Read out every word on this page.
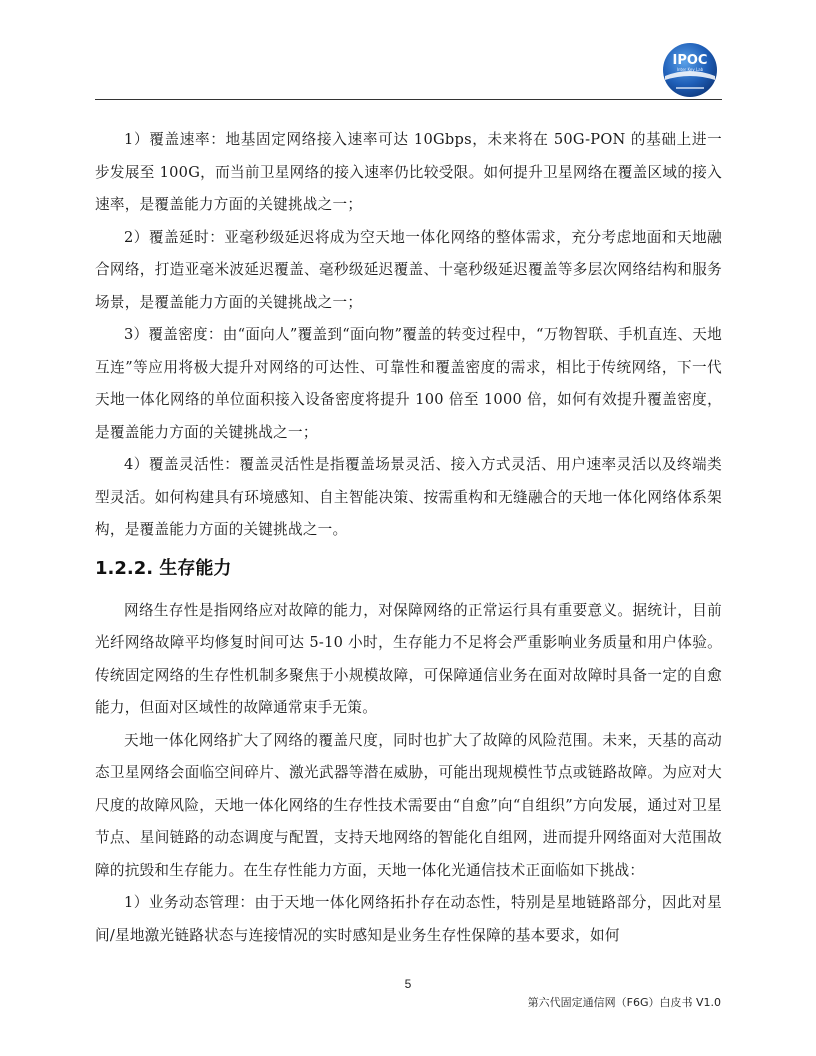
IPOC
Inter Key Lab

1）覆盖速率：地基固定网络接入速率可达 10Gbps，未来将在 50G-PON 的基础上进一步发展至 100G，而当前卫星网络的接入速率仍比较受限。如何提升卫星网络在覆盖区域的接入速率，是覆盖能力方面的关键挑战之一；

2）覆盖延时：亚毫秒级延迟将成为空天地一体化网络的整体需求，充分考虑地面和天地融合网络，打造亚毫米波延迟覆盖、毫秒级延迟覆盖、十毫秒级延迟覆盖等多层次网络结构和服务场景，是覆盖能力方面的关键挑战之一；

3）覆盖密度：由“面向人”覆盖到“面向物”覆盖的转变过程中，“万物智联、手机直连、天地互连”等应用将极大提升对网络的可达性、可靠性和覆盖密度的需求，相比于传统网络，下一代天地一体化网络的单位面积接入设备密度将提升 100 倍至 1000 倍，如何有效提升覆盖密度，是覆盖能力方面的关键挑战之一；

4）覆盖灵活性：覆盖灵活性是指覆盖场景灵活、接入方式灵活、用户速率灵活以及终端类型灵活。如何构建具有环境感知、自主智能决策、按需重构和无缝融合的天地一体化网络体系架构，是覆盖能力方面的关键挑战之一。

1.2.2. 生存能力

网络生存性是指网络应对故障的能力，对保障网络的正常运行具有重要意义。据统计，目前光纤网络故障平均修复时间可达 5-10 小时，生存能力不足将会严重影响业务质量和用户体验。传统固定网络的生存性机制多聚焦于小规模故障，可保障通信业务在面对故障时具备一定的自愈能力，但面对区域性的故障通常束手无策。

天地一体化网络扩大了网络的覆盖尺度，同时也扩大了故障的风险范围。未来，天基的高动态卫星网络会面临空间碎片、激光武器等潜在威胁，可能出现规模性节点或链路故障。为应对大尺度的故障风险，天地一体化网络的生存性技术需要由“自愈”向“自组织”方向发展，通过对卫星节点、星间链路的动态调度与配置，支持天地网络的智能化自组网，进而提升网络面对大范围故障的抗毁和生存能力。在生存性能力方面，天地一体化光通信技术正面临如下挑战：

1）业务动态管理：由于天地一体化网络拓扑存在动态性，特别是星地链路部分，因此对星间/星地激光链路状态与连接情况的实时感知是业务生存性保障的基本要求，如何

5
第六代固定通信网（F6G）白皮书 V1.0
